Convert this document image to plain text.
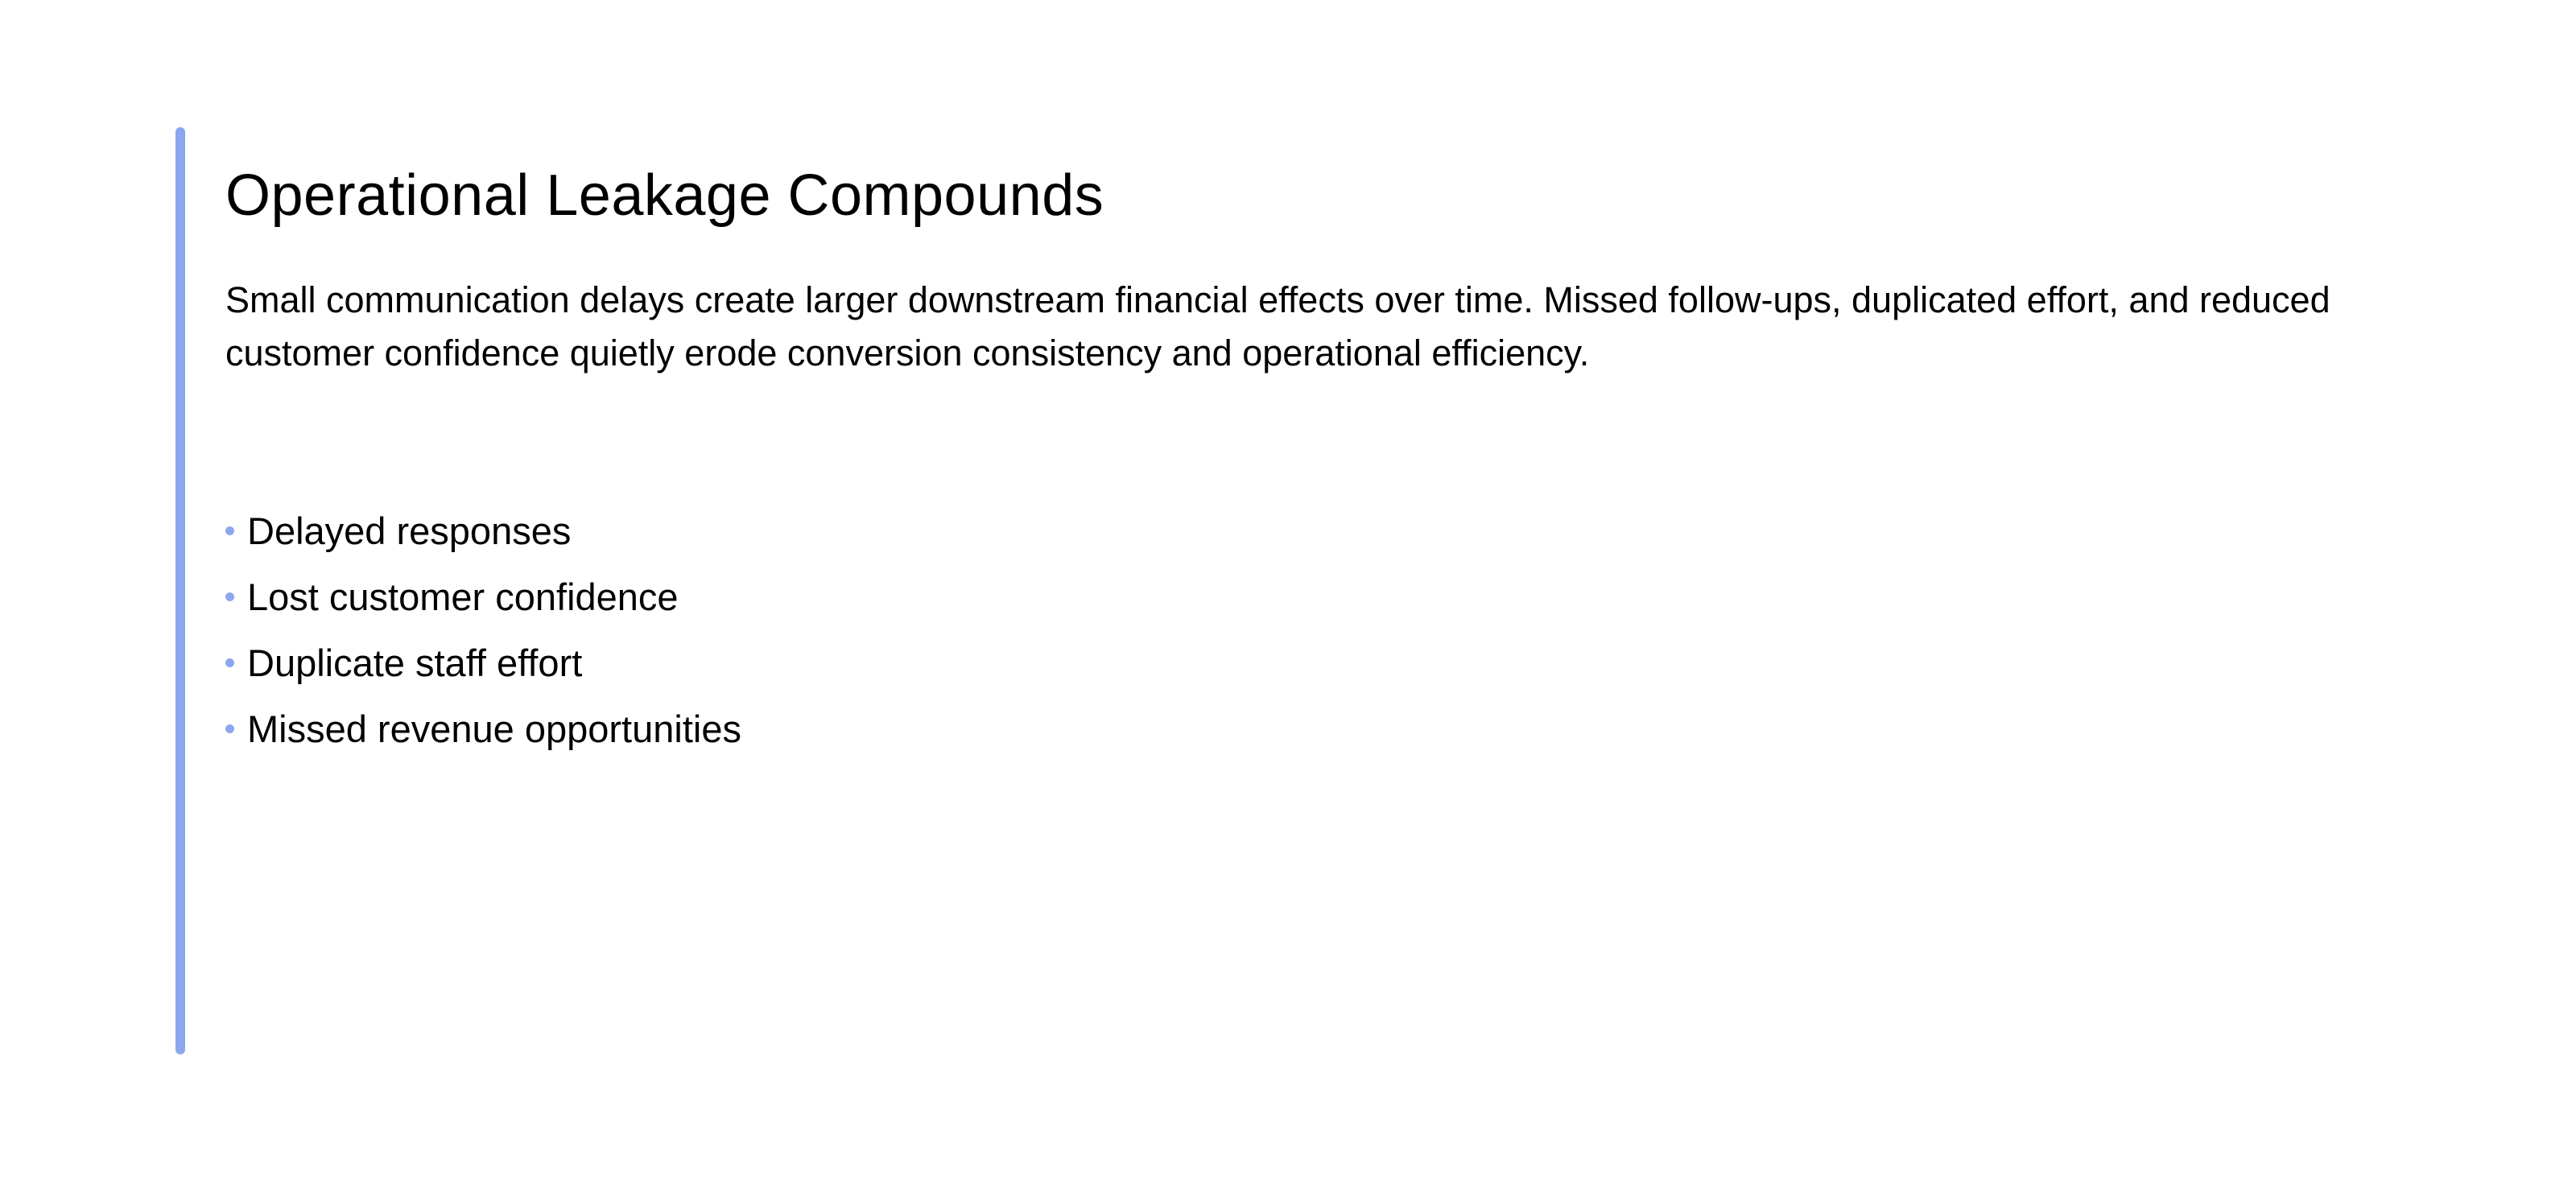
Operational Leakage Compounds

Small communication delays create larger downstream financial effects over time. Missed follow-ups, duplicated effort, and reduced customer confidence quietly erode conversion consistency and operational efficiency.

Delayed responses
Lost customer confidence
Duplicate staff effort
Missed revenue opportunities
